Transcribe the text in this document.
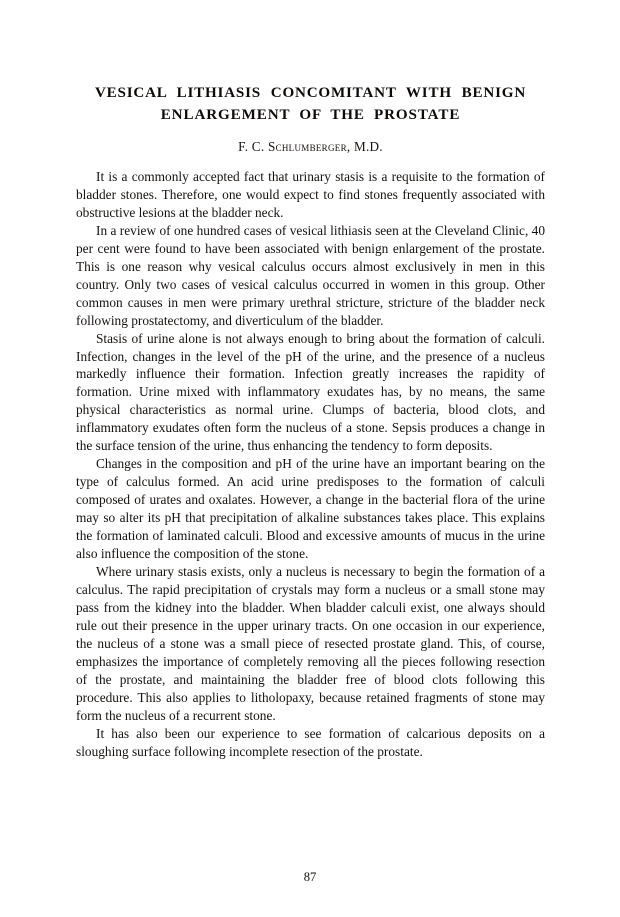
VESICAL LITHIASIS CONCOMITANT WITH BENIGN
ENLARGEMENT OF THE PROSTATE

F. C. Schlumberger, M.D.

It is a commonly accepted fact that urinary stasis is a requisite to the formation of bladder stones. Therefore, one would expect to find stones frequently associated with obstructive lesions at the bladder neck.

In a review of one hundred cases of vesical lithiasis seen at the Cleveland Clinic, 40 per cent were found to have been associated with benign enlargement of the prostate. This is one reason why vesical calculus occurs almost exclusively in men in this country. Only two cases of vesical calculus occurred in women in this group. Other common causes in men were primary urethral stricture, stricture of the bladder neck following prostatectomy, and diverticulum of the bladder.

Stasis of urine alone is not always enough to bring about the formation of calculi. Infection, changes in the level of the pH of the urine, and the presence of a nucleus markedly influence their formation. Infection greatly increases the rapidity of formation. Urine mixed with inflammatory exudates has, by no means, the same physical characteristics as normal urine. Clumps of bacteria, blood clots, and inflammatory exudates often form the nucleus of a stone. Sepsis produces a change in the surface tension of the urine, thus enhancing the tendency to form deposits.

Changes in the composition and pH of the urine have an important bearing on the type of calculus formed. An acid urine predisposes to the formation of calculi composed of urates and oxalates. However, a change in the bacterial flora of the urine may so alter its pH that precipitation of alkaline substances takes place. This explains the formation of laminated calculi. Blood and excessive amounts of mucus in the urine also influence the composition of the stone.

Where urinary stasis exists, only a nucleus is necessary to begin the formation of a calculus. The rapid precipitation of crystals may form a nucleus or a small stone may pass from the kidney into the bladder. When bladder calculi exist, one always should rule out their presence in the upper urinary tracts. On one occasion in our experience, the nucleus of a stone was a small piece of resected prostate gland. This, of course, emphasizes the importance of completely removing all the pieces following resection of the prostate, and maintaining the bladder free of blood clots following this procedure. This also applies to litholopaxy, because retained fragments of stone may form the nucleus of a recurrent stone.

It has also been our experience to see formation of calcarious deposits on a sloughing surface following incomplete resection of the prostate.

87
